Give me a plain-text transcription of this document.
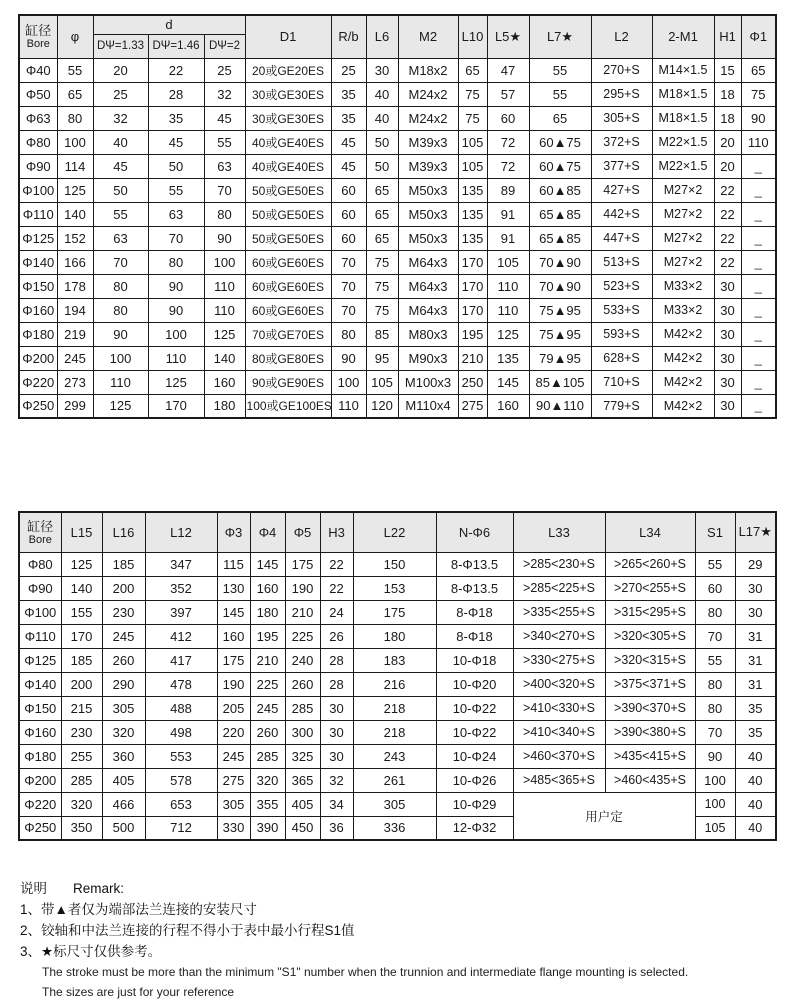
缸径
Bore	φ	d			D1	R/b	L6	M2	L10	L5★	L7★	L2	2-M1	H1	Φ1
		DΨ=1.33	DΨ=1.46	DΨ=2											
Φ40	55	20	22	25	20或GE20ES	25	30	M18x2	65	47	55	270+S	M14×1.5	15	65
Φ50	65	25	28	32	30或GE30ES	35	40	M24x2	75	57	55	295+S	M18×1.5	18	75
Φ63	80	32	35	45	30或GE30ES	35	40	M24x2	75	60	65	305+S	M18×1.5	18	90
Φ80	100	40	45	55	40或GE40ES	45	50	M39x3	105	72	60▲75	372+S	M22×1.5	20	110
Φ90	114	45	50	63	40或GE40ES	45	50	M39x3	105	72	60▲75	377+S	M22×1.5	20	_
Φ100	125	50	55	70	50或GE50ES	60	65	M50x3	135	89	60▲85	427+S	M27×2	22	_
Φ110	140	55	63	80	50或GE50ES	60	65	M50x3	135	91	65▲85	442+S	M27×2	22	_
Φ125	152	63	70	90	50或GE50ES	60	65	M50x3	135	91	65▲85	447+S	M27×2	22	_
Φ140	166	70	80	100	60或GE60ES	70	75	M64x3	170	105	70▲90	513+S	M27×2	22	_
Φ150	178	80	90	110	60或GE60ES	70	75	M64x3	170	110	70▲90	523+S	M33×2	30	_
Φ160	194	80	90	110	60或GE60ES	70	75	M64x3	170	110	75▲95	533+S	M33×2	30	_
Φ180	219	90	100	125	70或GE70ES	80	85	M80x3	195	125	75▲95	593+S	M42×2	30	_
Φ200	245	100	110	140	80或GE80ES	90	95	M90x3	210	135	79▲95	628+S	M42×2	30	_
Φ220	273	110	125	160	90或GE90ES	100	105	M100x3	250	145	85▲105	710+S	M42×2	30	_
Φ250	299	125	170	180	100或GE100ES	110	120	M110x4	275	160	90▲110	779+S	M42×2	30	_
缸径
Bore	L15	L16	L12	Φ3	Φ4	Φ5	H3	L22	N-Φ6	L33	L34	S1	L17★
Φ80	125	185	347	115	145	175	22	150	8-Φ13.5	>285<230+S	>265<260+S	55	29
Φ90	140	200	352	130	160	190	22	153	8-Φ13.5	>285<225+S	>270<255+S	60	30
Φ100	155	230	397	145	180	210	24	175	8-Φ18	>335<255+S	>315<295+S	80	30
Φ110	170	245	412	160	195	225	26	180	8-Φ18	>340<270+S	>320<305+S	70	31
Φ125	185	260	417	175	210	240	28	183	10-Φ18	>330<275+S	>320<315+S	55	31
Φ140	200	290	478	190	225	260	28	216	10-Φ20	>400<320+S	>375<371+S	80	31
Φ150	215	305	488	205	245	285	30	218	10-Φ22	>410<330+S	>390<370+S	80	35
Φ160	230	320	498	220	260	300	30	218	10-Φ22	>410<340+S	>390<380+S	70	35
Φ180	255	360	553	245	285	325	30	243	10-Φ24	>460<370+S	>435<415+S	90	40
Φ200	285	405	578	275	320	365	32	261	10-Φ26	>485<365+S	>460<435+S	100	40
Φ220	320	466	653	305	355	405	34	305	10-Φ29	用户定		100	40
Φ250	350	500	712	330	390	450	36	336	12-Φ32			105	40
说明 Remark:
1、带▲者仅为端部法兰连接的安装尺寸
2、铰轴和中法兰连接的行程不得小于表中最小行程S1值
3、★标尺寸仅供参考。
The stroke must be more than the minimum "S1" number when the trunnion and intermediate flange mounting is selected.
The sizes are just for your reference
